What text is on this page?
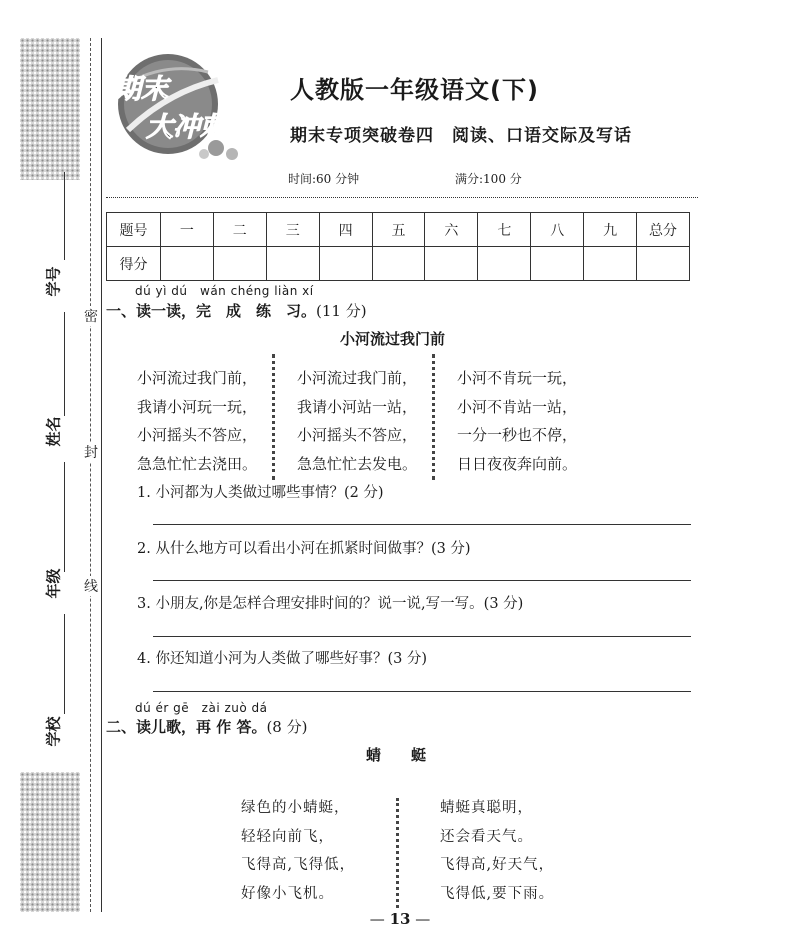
学号
姓名
年级
学校
密
封
线
期末
大冲刺
人教版一年级语文(下)
期末专项突破卷四　阅读、口语交际及写话
时间:60 分钟	满分:100 分
题号	一	二	三	四	五	六	七	八	九	总分
得分										
dú yì dú　wán chéng liàn xí
一、读一读，完　成　练　习。(11 分)
小河流过我门前
小河流过我门前，
我请小河玩一玩，
小河摇头不答应，
急急忙忙去浇田。
小河流过我门前，
我请小河站一站，
小河摇头不答应，
急急忙忙去发电。
小河不肯玩一玩，
小河不肯站一站，
一分一秒也不停，
日日夜夜奔向前。
1. 小河都为人类做过哪些事情？(2 分)
2. 从什么地方可以看出小河在抓紧时间做事？(3 分)
3. 小朋友,你是怎样合理安排时间的？说一说,写一写。(3 分)
4. 你还知道小河为人类做了哪些好事？(3 分)
dú ér gē　zài zuò dá
二、读儿歌，再 作 答。(8 分)
蜻　　蜓
绿色的小蜻蜓，
轻轻向前飞，
飞得高,飞得低，
好像小飞机。
蜻蜓真聪明，
还会看天气。
飞得高,好天气，
飞得低,要下雨。
— 13 —
